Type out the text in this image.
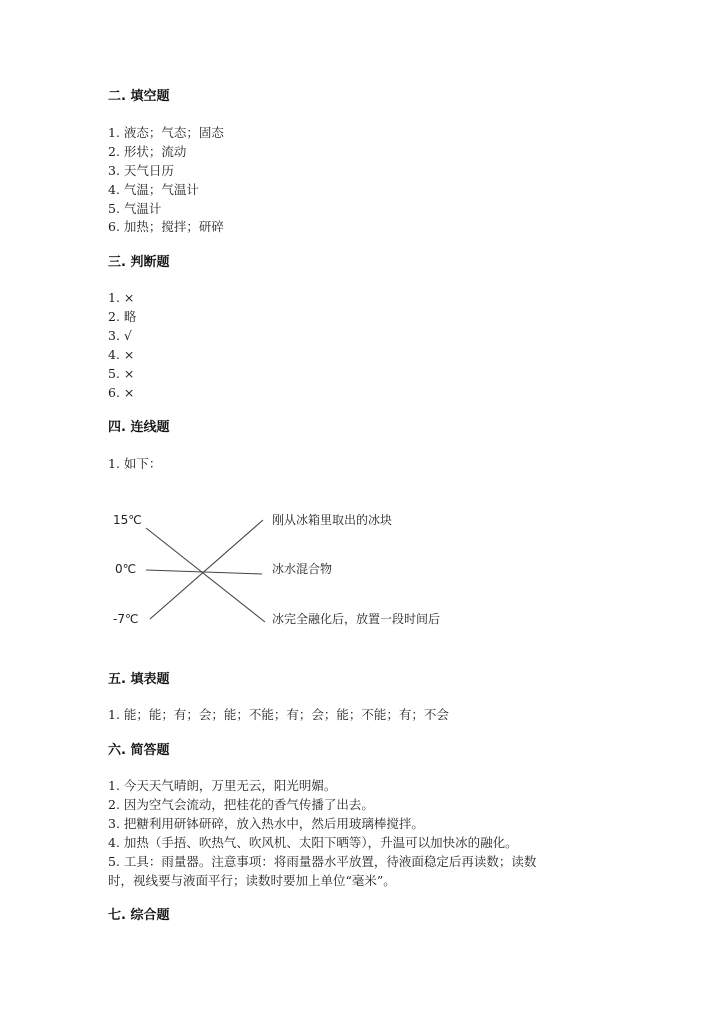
二. 填空题
1. 液态；气态；固态
2. 形状；流动
3. 天气日历
4. 气温；气温计
5. 气温计
6. 加热；搅拌；研碎
三. 判断题
1. ×
2. 略
3. √
4. ×
5. ×
6. ×
四. 连线题
1. 如下：
15℃
0℃
-7℃
刚从冰箱里取出的冰块
冰水混合物
冰完全融化后，放置一段时间后
五. 填表题
1. 能；能；有；会；能；不能；有；会；能；不能；有；不会
六. 简答题
1. 今天天气晴朗，万里无云，阳光明媚。
2. 因为空气会流动，把桂花的香气传播了出去。
3. 把糖利用研钵研碎，放入热水中，然后用玻璃棒搅拌。
4. 加热（手捂、吹热气、吹风机、太阳下晒等），升温可以加快冰的融化。
5. 工具：雨量器。注意事项：将雨量器水平放置，待液面稳定后再读数；读数
时，视线要与液面平行；读数时要加上单位“毫米”。
七. 综合题
